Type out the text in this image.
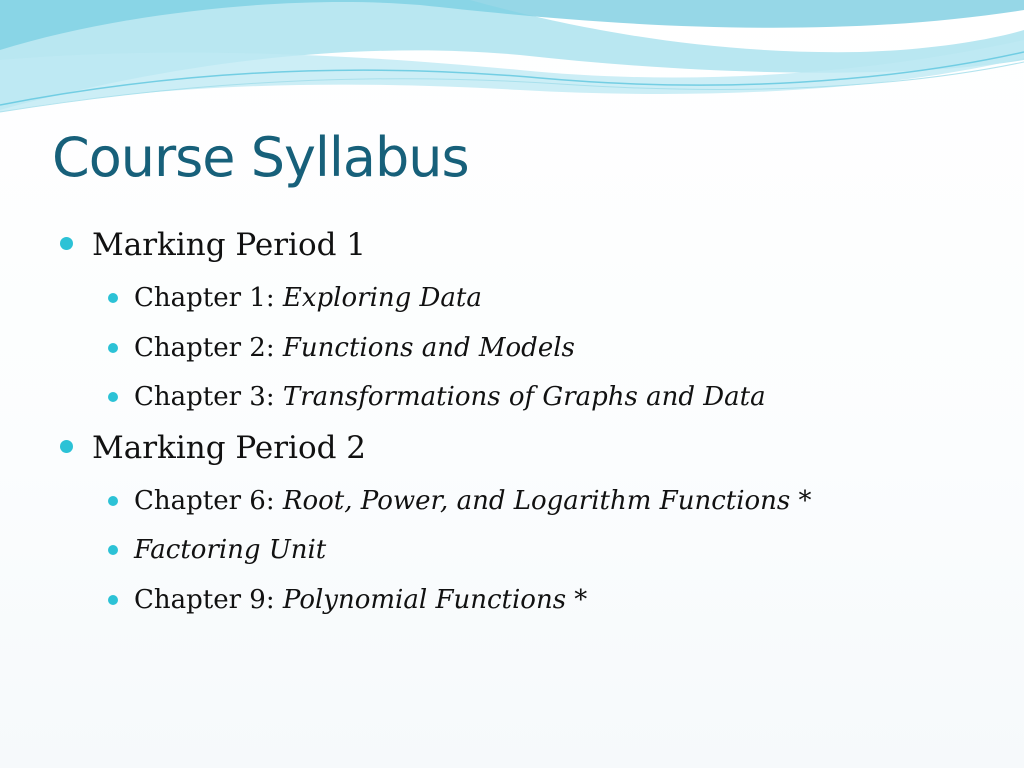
Course Syllabus
Marking Period 1
Chapter 1: Exploring Data
Chapter 2: Functions and Models
Chapter 3: Transformations of Graphs and Data
Marking Period 2
Chapter 6: Root, Power, and Logarithm Functions *
Factoring Unit
Chapter 9: Polynomial Functions *
